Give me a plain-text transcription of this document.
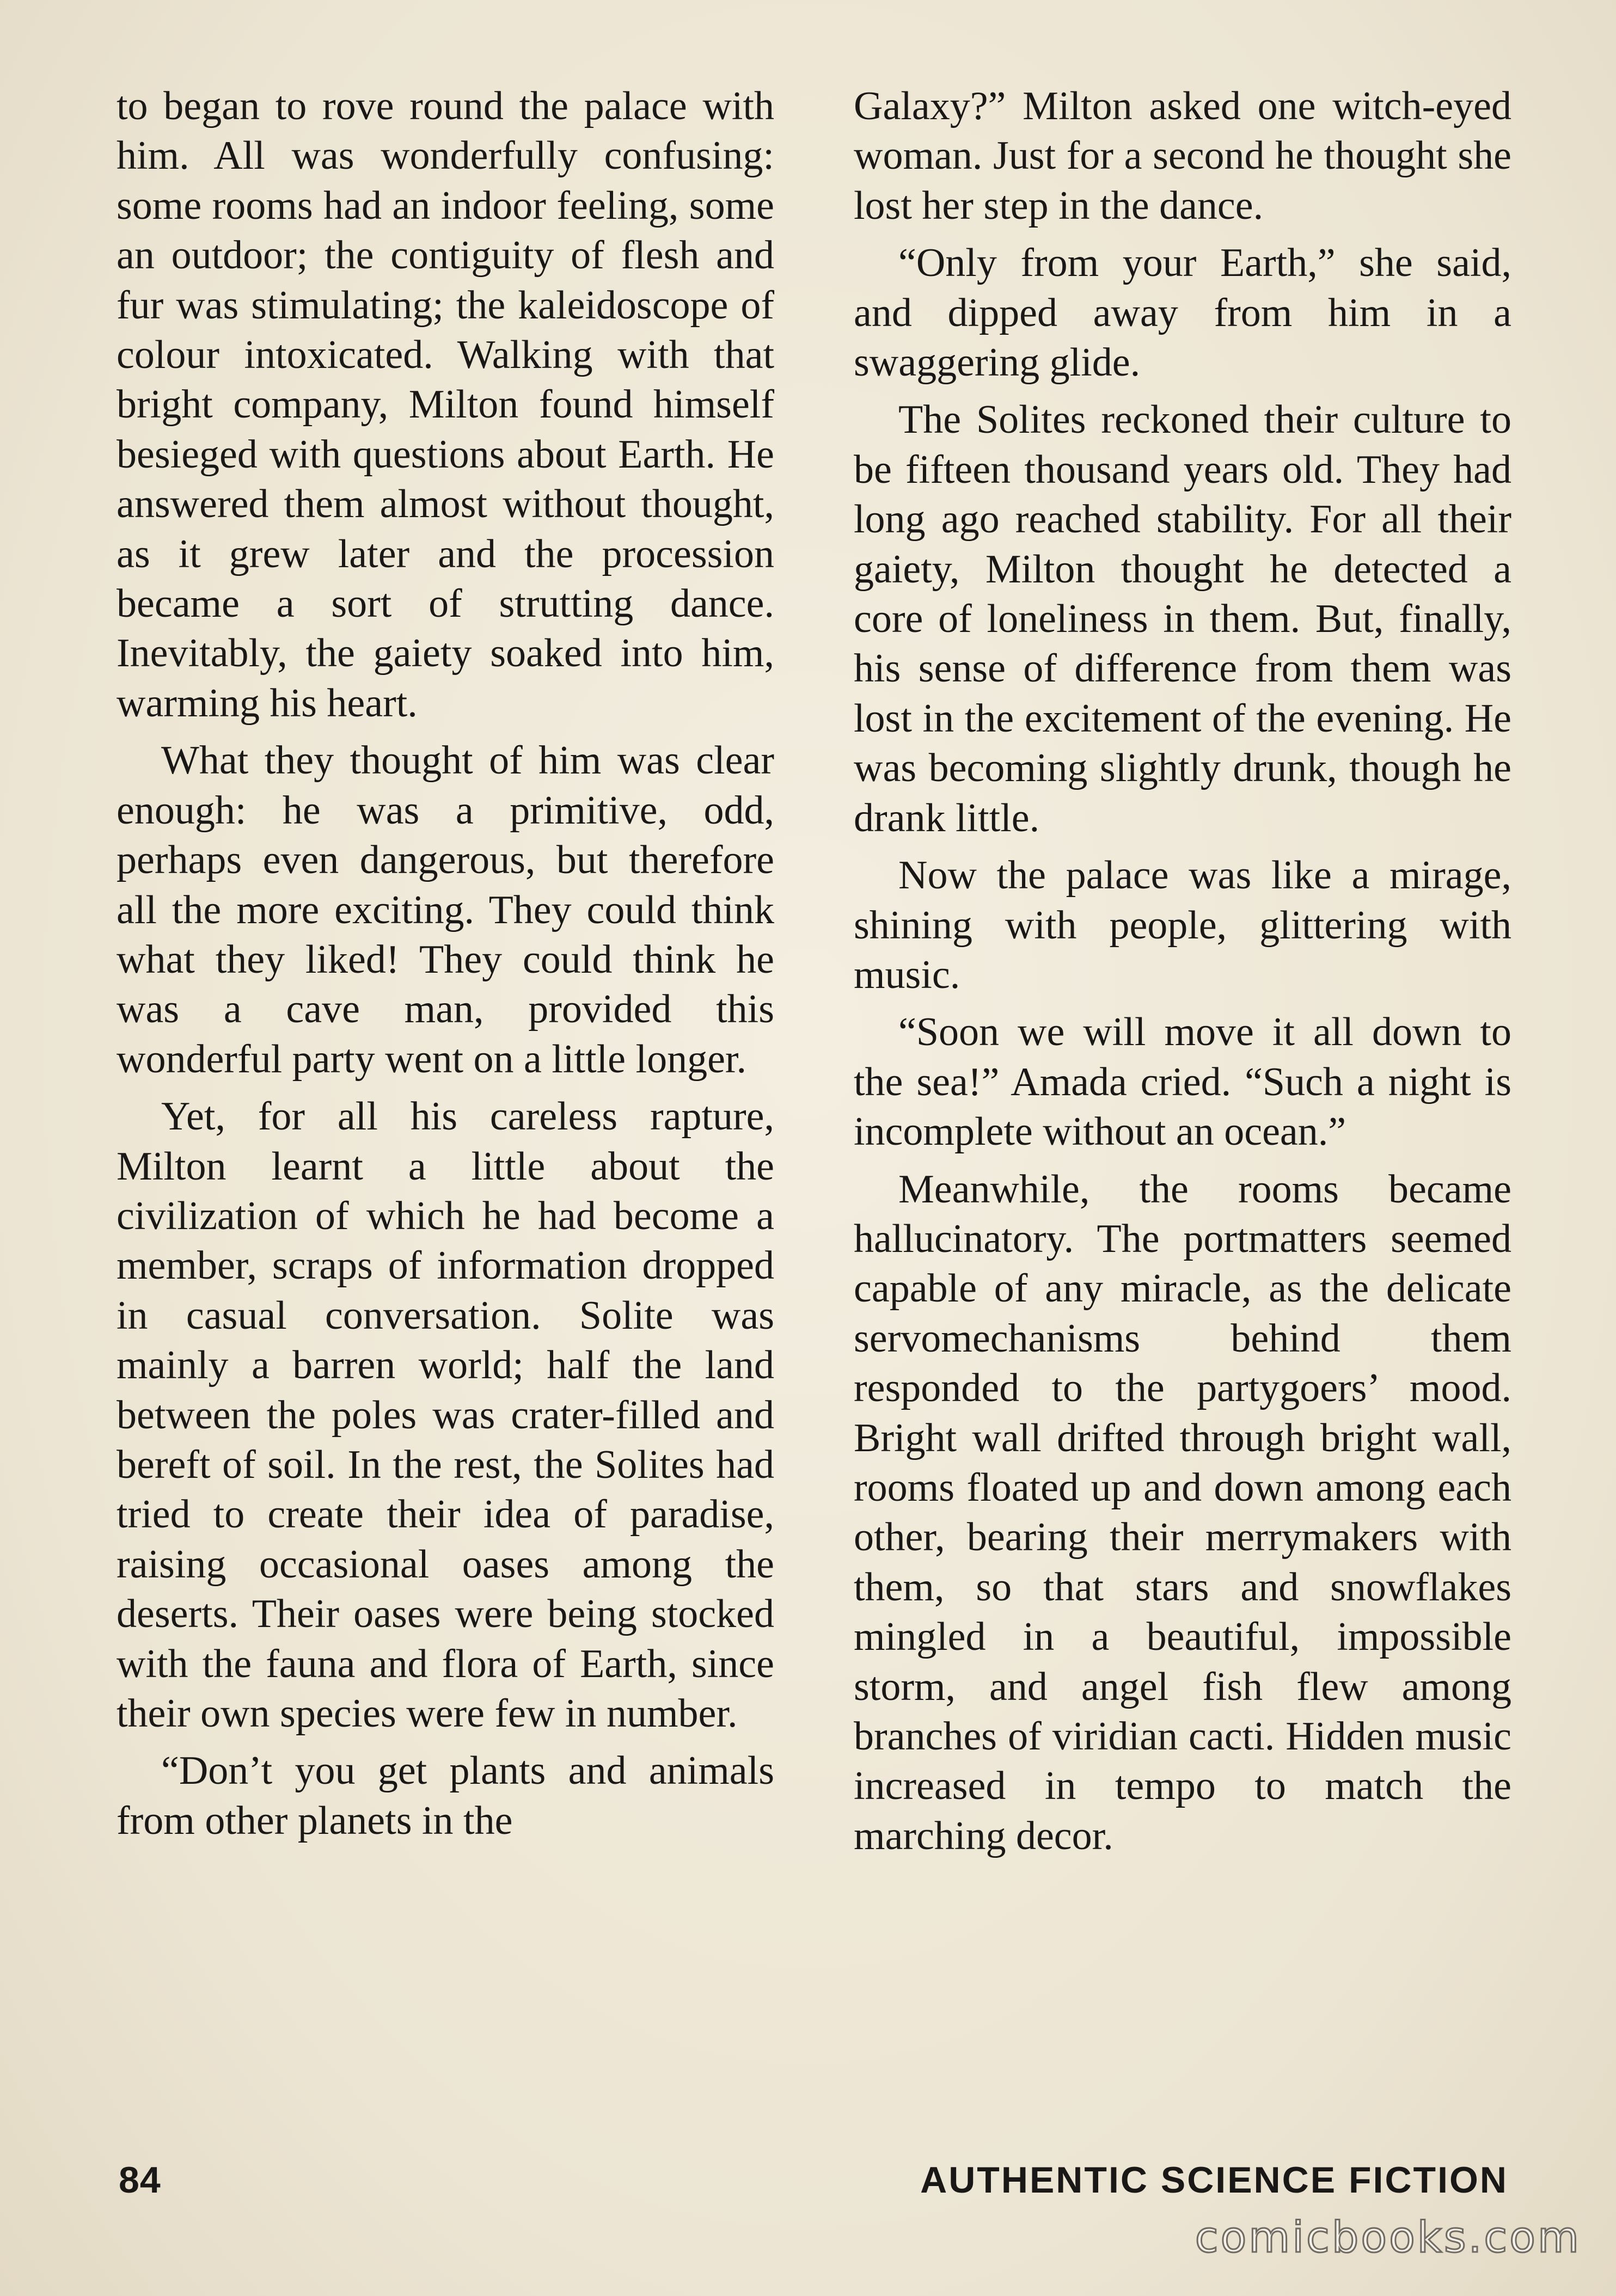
to began to rove round the palace with him. All was wonderfully confusing: some rooms had an indoor feeling, some an outdoor; the contiguity of flesh and fur was stimulating; the kaleidoscope of colour intoxicated. Walking with that bright company, Milton found himself besieged with questions about Earth. He answered them almost without thought, as it grew later and the procession became a sort of strutting dance. Inevitably, the gaiety soaked into him, warming his heart.

What they thought of him was clear enough: he was a primitive, odd, perhaps even dangerous, but therefore all the more exciting. They could think what they liked! They could think he was a cave man, provided this wonderful party went on a little longer.

Yet, for all his careless rapture, Milton learnt a little about the civilization of which he had become a member, scraps of information dropped in casual conversation. Solite was mainly a barren world; half the land between the poles was crater-filled and bereft of soil. In the rest, the Solites had tried to create their idea of paradise, raising occasional oases among the deserts. Their oases were being stocked with the fauna and flora of Earth, since their own species were few in number.

“Don’t you get plants and animals from other planets in the

Galaxy?” Milton asked one witch-eyed woman. Just for a second he thought she lost her step in the dance.

“Only from your Earth,” she said, and dipped away from him in a swaggering glide.

The Solites reckoned their culture to be fifteen thousand years old. They had long ago reached stability. For all their gaiety, Milton thought he detected a core of loneliness in them. But, finally, his sense of difference from them was lost in the excitement of the evening. He was becoming slightly drunk, though he drank little.

Now the palace was like a mirage, shining with people, glittering with music.

“Soon we will move it all down to the sea!” Amada cried. “Such a night is incomplete without an ocean.”

Meanwhile, the rooms became hallucinatory. The portmatters seemed capable of any miracle, as the delicate servomechanisms behind them responded to the partygoers’ mood. Bright wall drifted through bright wall, rooms floated up and down among each other, bearing their merrymakers with them, so that stars and snowflakes mingled in a beautiful, impossible storm, and angel fish flew among branches of viridian cacti. Hidden music increased in tempo to match the marching decor.

84	AUTHENTIC SCIENCE FICTION
comicbooks.com
